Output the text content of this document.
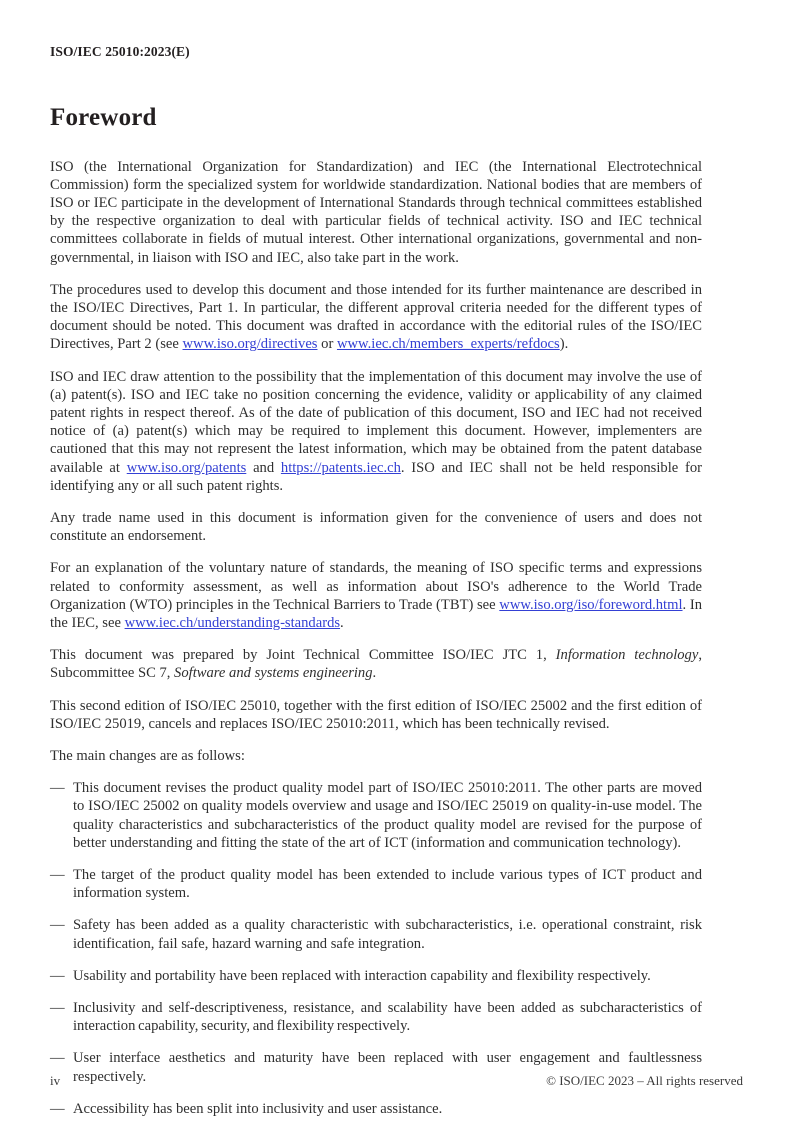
ISO/IEC 25010:2023(E)
Foreword

ISO (the International Organization for Standardization) and IEC (the International Electrotechnical Commission) form the specialized system for worldwide standardization. National bodies that are members of ISO or IEC participate in the development of International Standards through technical committees established by the respective organization to deal with particular fields of technical activity. ISO and IEC technical committees collaborate in fields of mutual interest. Other international organizations, governmental and non-governmental, in liaison with ISO and IEC, also take part in the work.

The procedures used to develop this document and those intended for its further maintenance are described in the ISO/IEC Directives, Part 1. In particular, the different approval criteria needed for the different types of document should be noted. This document was drafted in accordance with the editorial rules of the ISO/IEC Directives, Part 2 (see www.iso.org/directives or www.iec.ch/members_experts/refdocs).

ISO and IEC draw attention to the possibility that the implementation of this document may involve the use of (a) patent(s). ISO and IEC take no position concerning the evidence, validity or applicability of any claimed patent rights in respect thereof. As of the date of publication of this document, ISO and IEC had not received notice of (a) patent(s) which may be required to implement this document. However, implementers are cautioned that this may not represent the latest information, which may be obtained from the patent database available at www.iso.org/patents and https://patents.iec.ch. ISO and IEC shall not be held responsible for identifying any or all such patent rights.

Any trade name used in this document is information given for the convenience of users and does not constitute an endorsement.

For an explanation of the voluntary nature of standards, the meaning of ISO specific terms and expressions related to conformity assessment, as well as information about ISO's adherence to the World Trade Organization (WTO) principles in the Technical Barriers to Trade (TBT) see www.iso.org/iso/foreword.html. In the IEC, see www.iec.ch/understanding-standards.

This document was prepared by Joint Technical Committee ISO/IEC JTC 1, Information technology, Subcommittee SC 7, Software and systems engineering.

This second edition of ISO/IEC 25010, together with the first edition of ISO/IEC 25002 and the first edition of ISO/IEC 25019, cancels and replaces ISO/IEC 25010:2011, which has been technically revised.

The main changes are as follows:

— This document revises the product quality model part of ISO/IEC 25010:2011. The other parts are moved to ISO/IEC 25002 on quality models overview and usage and ISO/IEC 25019 on quality-in-use model. The quality characteristics and subcharacteristics of the product quality model are revised for the purpose of better understanding and fitting the state of the art of ICT (information and communication technology).
— The target of the product quality model has been extended to include various types of ICT product and information system.
— Safety has been added as a quality characteristic with subcharacteristics, i.e. operational constraint, risk identification, fail safe, hazard warning and safe integration.
— Usability and portability have been replaced with interaction capability and flexibility respectively.
— Inclusivity and self-descriptiveness, resistance, and scalability have been added as subcharacteristics of interaction capability, security, and flexibility respectively.
— User interface aesthetics and maturity have been replaced with user engagement and faultlessness respectively.
— Accessibility has been split into inclusivity and user assistance.
iv	© ISO/IEC 2023 – All rights reserved
